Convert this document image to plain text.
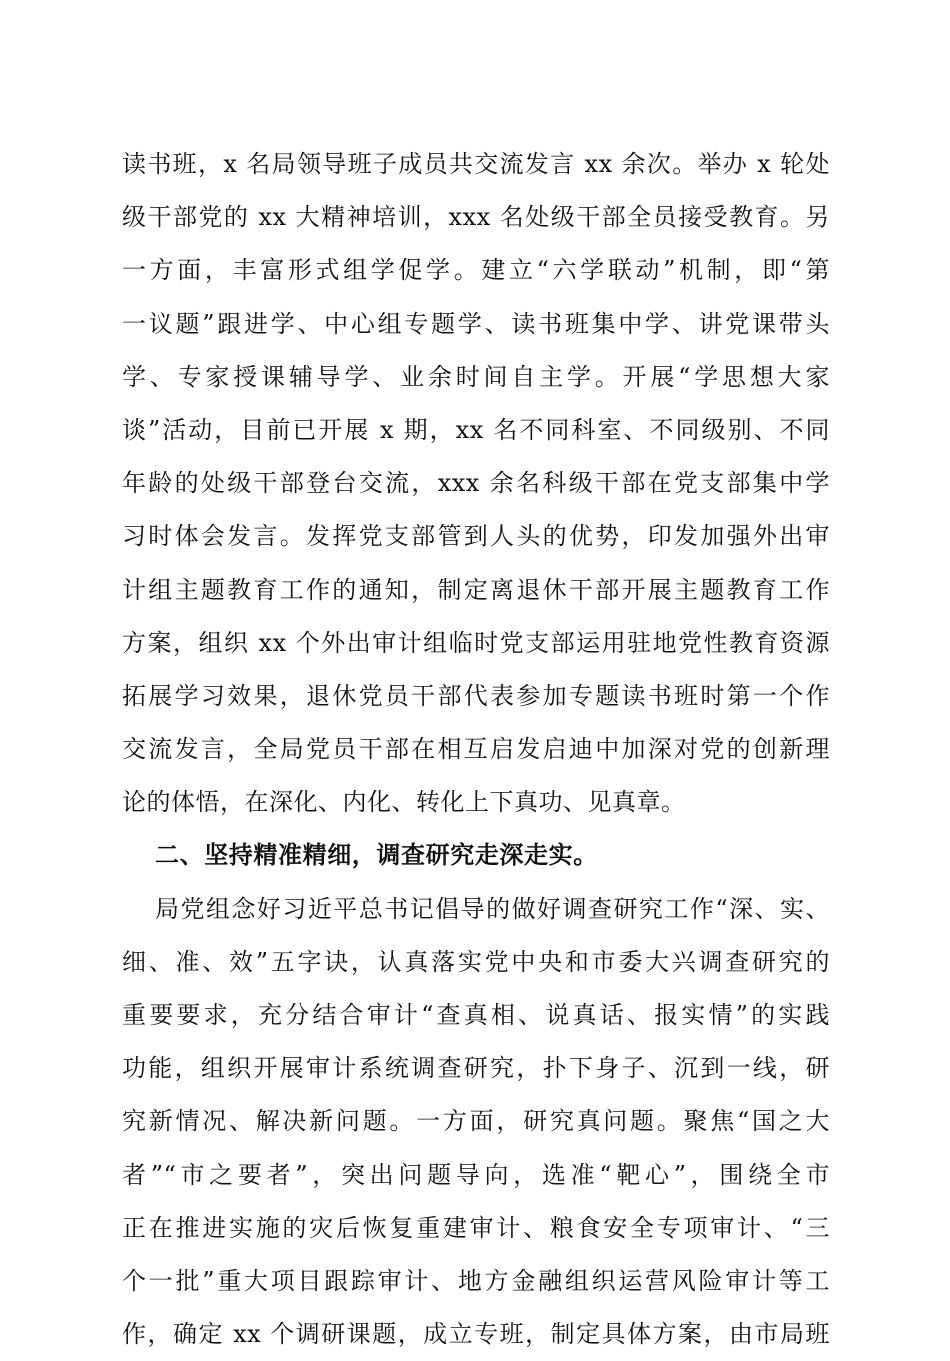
读书班，x 名局领导班子成员共交流发言 xx 余次。举办 x 轮处
级干部党的 xx 大精神培训，xxx 名处级干部全员接受教育。另
一方面，丰富形式组学促学。建立“六学联动”机制，即“第
一议题”跟进学、中心组专题学、读书班集中学、讲党课带头
学、专家授课辅导学、业余时间自主学。开展“学思想大家
谈”活动，目前已开展 x 期，xx 名不同科室、不同级别、不同
年龄的处级干部登台交流，xxx 余名科级干部在党支部集中学
习时体会发言。发挥党支部管到人头的优势，印发加强外出审
计组主题教育工作的通知，制定离退休干部开展主题教育工作
方案，组织 xx 个外出审计组临时党支部运用驻地党性教育资源
拓展学习效果，退休党员干部代表参加专题读书班时第一个作
交流发言，全局党员干部在相互启发启迪中加深对党的创新理
论的体悟，在深化、内化、转化上下真功、见真章。
二、坚持精准精细，调查研究走深走实。
局党组念好习近平总书记倡导的做好调查研究工作“深、实、
细、准、效”五字诀，认真落实党中央和市委大兴调查研究的
重要要求，充分结合审计“查真相、说真话、报实情”的实践
功能，组织开展审计系统调查研究，扑下身子、沉到一线，研
究新情况、解决新问题。一方面，研究真问题。聚焦“国之大
者”“市之要者”，突出问题导向，选准“靶心”，围绕全市
正在推进实施的灾后恢复重建审计、粮食安全专项审计、“三
个一批”重大项目跟踪审计、地方金融组织运营风险审计等工
作，确定 xx 个调研课题，成立专班，制定具体方案，由市局班
